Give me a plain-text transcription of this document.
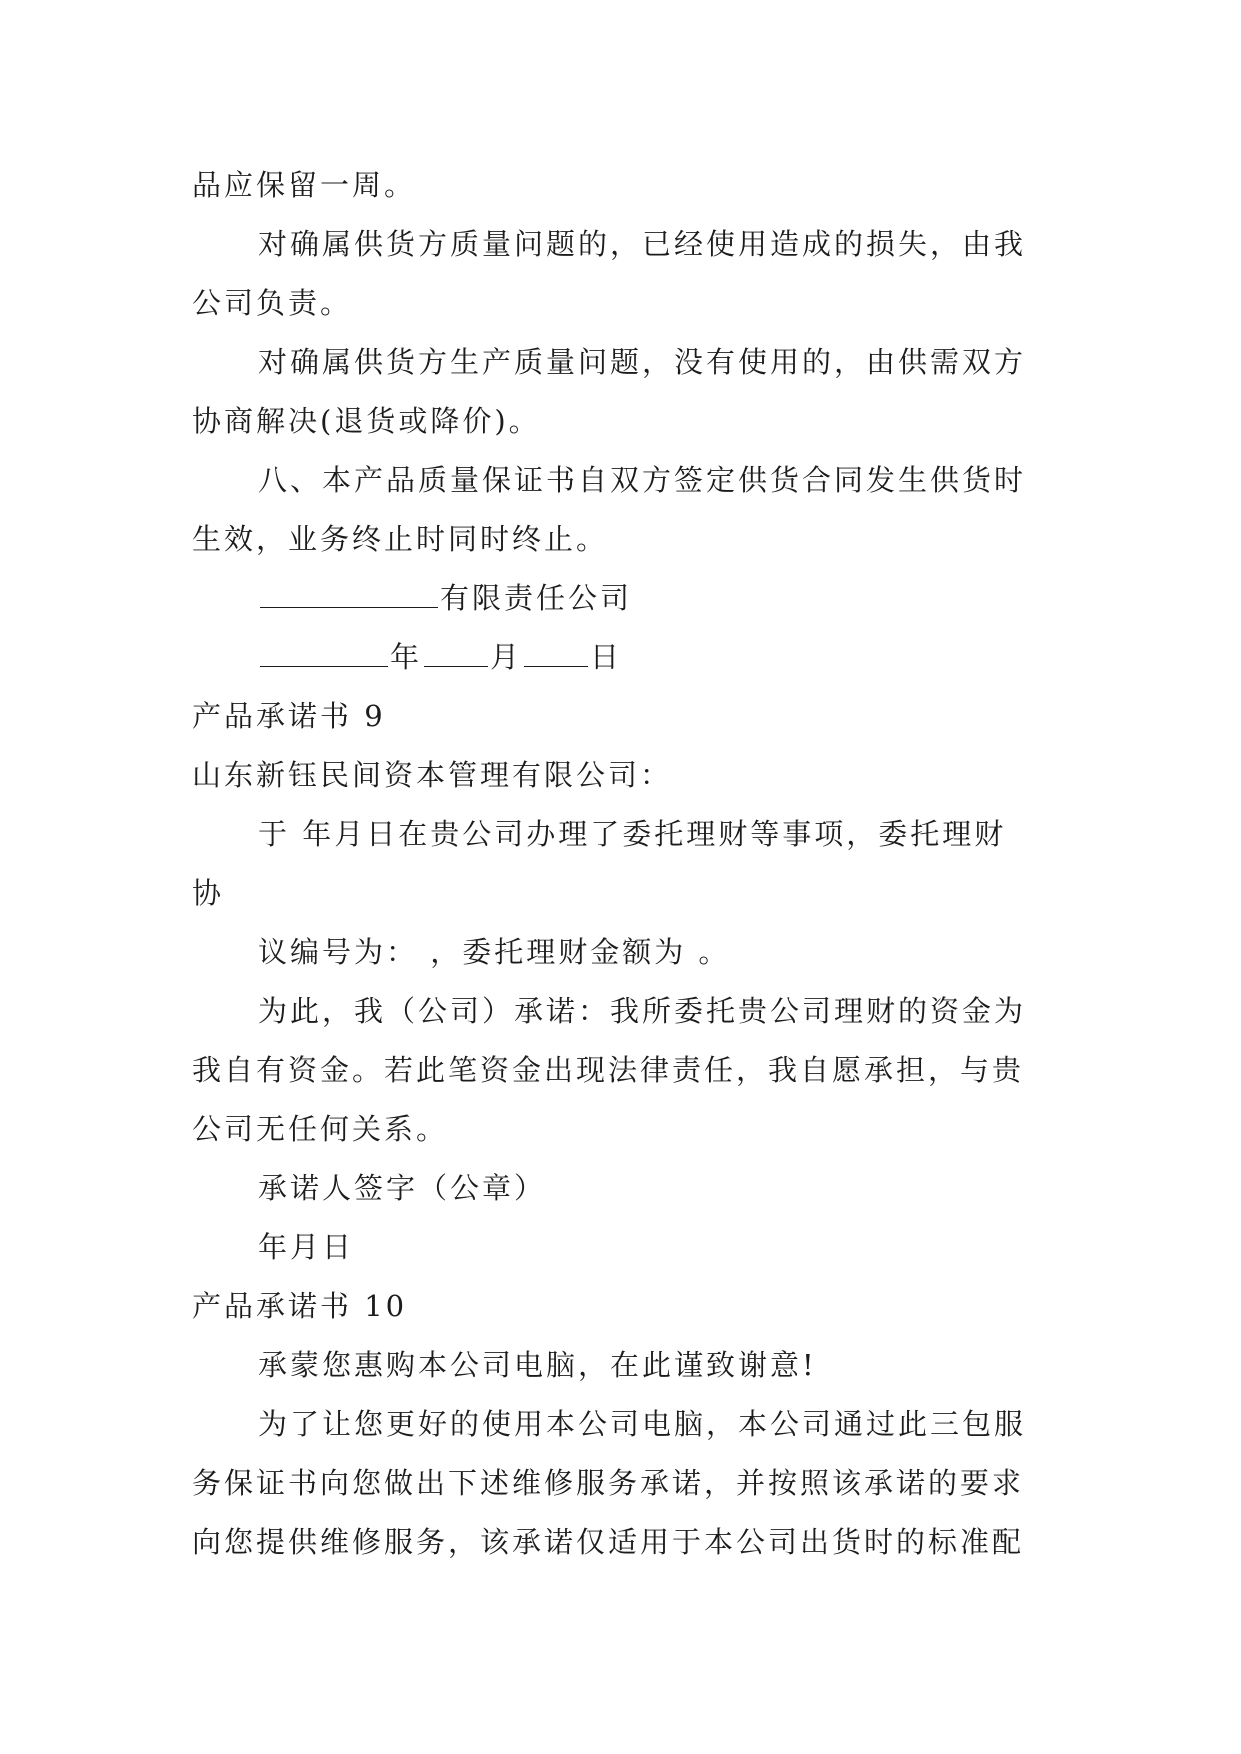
品应保留一周。
对确属供货方质量问题的，已经使用造成的损失，由我
公司负责。
对确属供货方生产质量问题，没有使用的，由供需双方
协商解决(退货或降价)。
八、本产品质量保证书自双方签定供货合同发生供货时
生效，业务终止时同时终止。
有限责任公司
年 月 日
产品承诺书 9
山东新钰民间资本管理有限公司：
于 年月日在贵公司办理了委托理财等事项，委托理财
协
议编号为： ，委托理财金额为 。
为此，我（公司）承诺：我所委托贵公司理财的资金为
我自有资金。若此笔资金出现法律责任，我自愿承担，与贵
公司无任何关系。
承诺人签字（公章）
年月日
产品承诺书 10
承蒙您惠购本公司电脑，在此谨致谢意!
为了让您更好的使用本公司电脑，本公司通过此三包服
务保证书向您做出下述维修服务承诺，并按照该承诺的要求
向您提供维修服务，该承诺仅适用于本公司出货时的标准配
